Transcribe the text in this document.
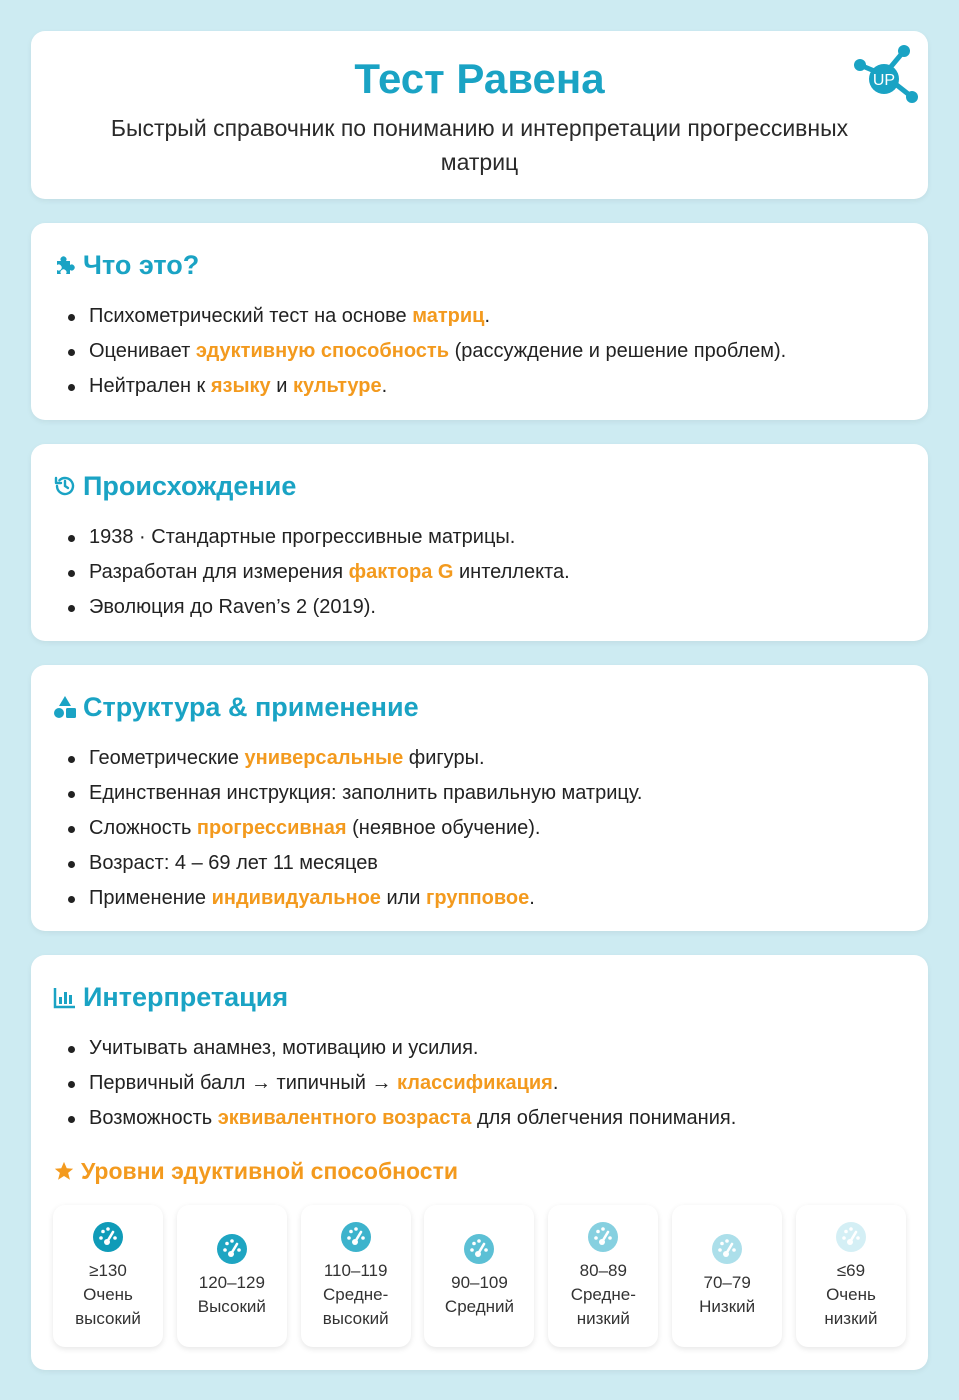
Тест Равена
Быстрый справочник по пониманию и интерпретации прогрессивных матриц
UP
Что это?
Психометрический тест на основе матриц.
Оценивает эдуктивную способность (рассуждение и решение проблем).
Нейтрален к языку и культуре.
Происхождение
1938 · Стандартные прогрессивные матрицы.
Разработан для измерения фактора G интеллекта.
Эволюция до Raven’s 2 (2019).
Структура & применение
Геометрические универсальные фигуры.
Единственная инструкция: заполнить правильную матрицу.
Сложность прогрессивная (неявное обучение).
Возраст: 4 – 69 лет 11 месяцев
Применение индивидуальное или групповое.
Интерпретация
Учитывать анамнез, мотивацию и усилия.
Первичный балл → типичный → классификация.
Возможность эквивалентного возраста для облегчения понимания.
Уровни эдуктивной способности
≥130
Очень высокий
120–129
Высокий
110–119
Средне-высокий
90–109
Средний
80–89
Средне-низкий
70–79
Низкий
≤69
Очень низкий
